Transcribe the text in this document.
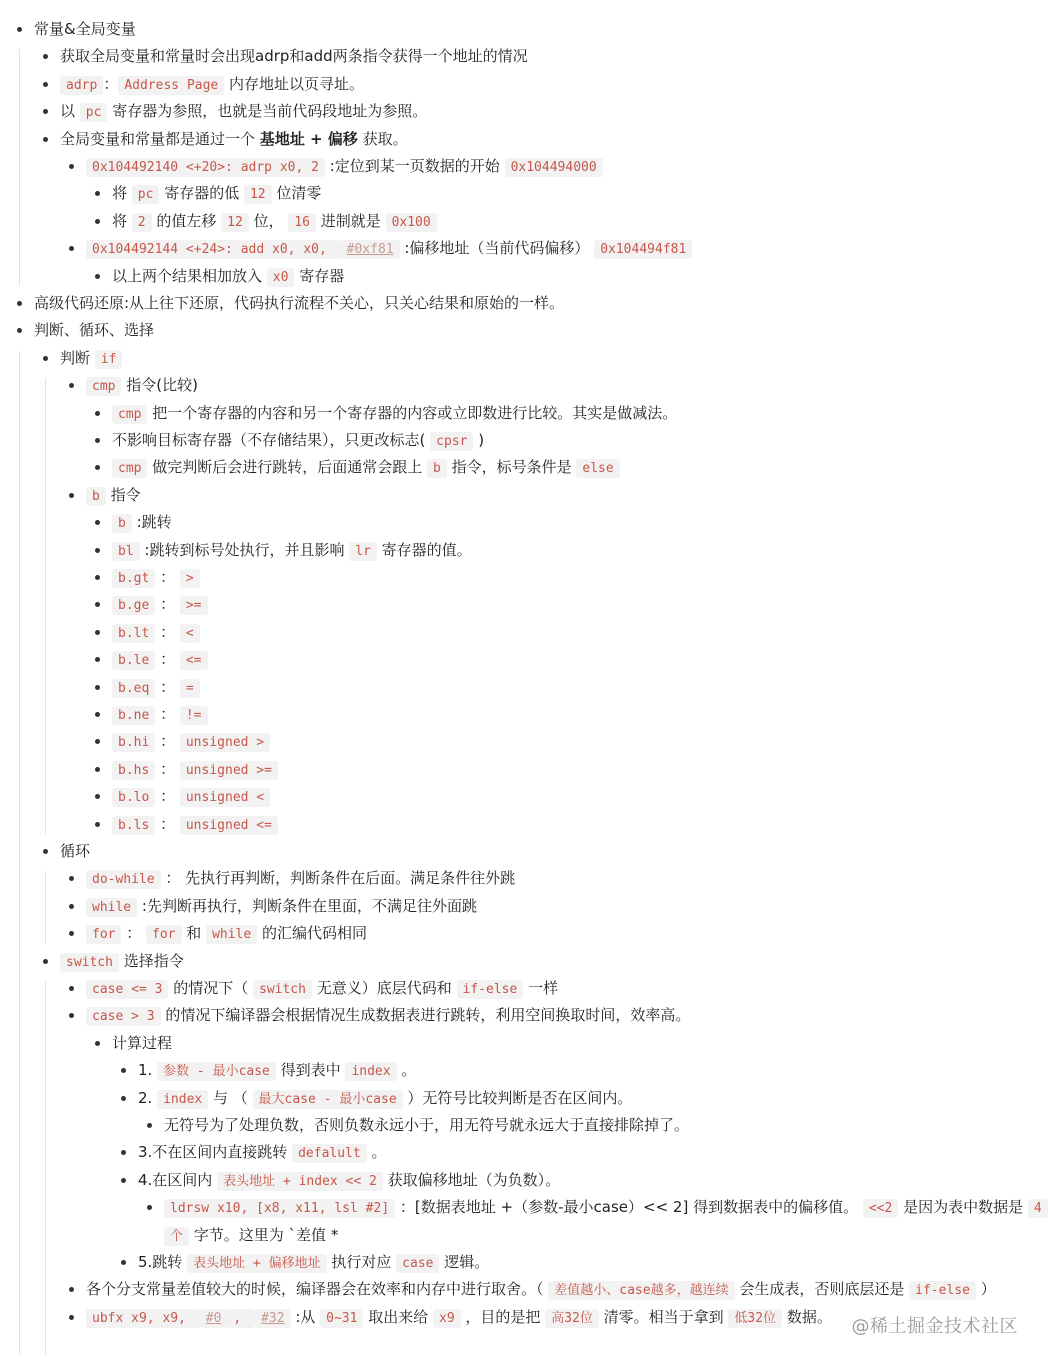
常量&全局变量
获取全局变量和常量时会出现adrp和add两条指令获得一个地址的情况
adrp ： Address Page 内存地址以页寻址。
以 pc 寄存器为参照，也就是当前代码段地址为参照。
全局变量和常量都是通过一个 基地址 + 偏移 获取。
0x104492140 <+20>: adrp x0, 2 :定位到某一页数据的开始 0x104494000
将 pc 寄存器的低 12 位清零
将 2 的值左移 12 位， 16 进制就是 0x100
0x104492144 <+24>: add x0, x0, #0xf81 :偏移地址（当前代码偏移） 0x104494f81
以上两个结果相加放入 x0 寄存器
高级代码还原:从上往下还原，代码执行流程不关心，只关心结果和原始的一样。
判断、循环、选择
判断 if
cmp 指令(比较)
cmp 把一个寄存器的内容和另一个寄存器的内容或立即数进行比较。其实是做减法。
不影响目标寄存器（不存储结果），只更改标志( cpsr )
cmp 做完判断后会进行跳转，后面通常会跟上 b 指令，标号条件是 else
b 指令
b :跳转
bl :跳转到标号处执行，并且影响 lr 寄存器的值。
b.gt ： >
b.ge ： >=
b.lt ： <
b.le ： <=
b.eq ： =
b.ne ： !=
b.hi ： unsigned >
b.hs ： unsigned >=
b.lo ： unsigned <
b.ls ： unsigned <=
循环
do-while ： 先执行再判断，判断条件在后面。满足条件往外跳
while :先判断再执行，判断条件在里面，不满足往外面跳
for ： for 和 while 的汇编代码相同
switch 选择指令
case <= 3 的情况下（ switch 无意义）底层代码和 if-else 一样
case > 3 的情况下编译器会根据情况生成数据表进行跳转，利用空间换取时间，效率高。
计算过程
1. 参数 - 最小case 得到表中 index 。
2. index 与 （ 最大case - 最小case ）无符号比较判断是否在区间内。
无符号为了处理负数，否则负数永远小于，用无符号就永远大于直接排除掉了。
3.不在区间内直接跳转 defalult 。
4.在区间内 表头地址 + index << 2 获取偏移地址（为负数）。
ldrsw x10, [x8, x11, lsl #2] ：[数据表地址 +（参数-最小case）<< 2] 得到数据表中的偏移值。 <<2 是因为表中数据是 4
个 字节。这里为 `差值 *
5.跳转 表头地址 + 偏移地址 执行对应 case 逻辑。
各个分支常量差值较大的时候，编译器会在效率和内存中进行取舍。（ 差值越小、case越多，越连续 会生成表，否则底层还是 if-else ）
ubfx x9, x9, #0 , #32 :从 0~31 取出来给 x9 ，目的是把 高32位 清零。相当于拿到 低32位 数据。 @稀土掘金技术社区
